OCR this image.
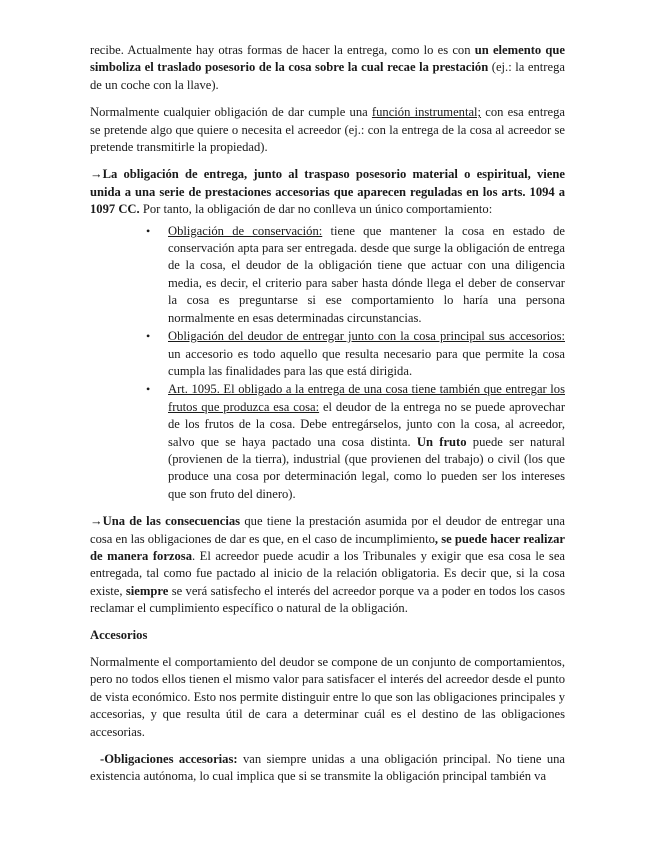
recibe. Actualmente hay otras formas de hacer la entrega, como lo es con un elemento que simboliza el traslado posesorio de la cosa sobre la cual recae la prestación (ej.: la entrega de un coche con la llave).

Normalmente cualquier obligación de dar cumple una función instrumental; con esa entrega se pretende algo que quiere o necesita el acreedor (ej.: con la entrega de la cosa al acreedor se pretende transmitirle la propiedad).

→La obligación de entrega, junto al traspaso posesorio material o espiritual, viene unida a una serie de prestaciones accesorias que aparecen reguladas en los arts. 1094 a 1097 CC. Por tanto, la obligación de dar no conlleva un único comportamiento:

• Obligación de conservación: tiene que mantener la cosa en estado de conservación apta para ser entregada. desde que surge la obligación de entrega de la cosa, el deudor de la obligación tiene que actuar con una diligencia media, es decir, el criterio para saber hasta dónde llega el deber de conservar la cosa es preguntarse si ese comportamiento lo haría una persona normalmente en esas determinadas circunstancias.
• Obligación del deudor de entregar junto con la cosa principal sus accesorios: un accesorio es todo aquello que resulta necesario para que permite la cosa cumpla las finalidades para las que está dirigida.
• Art. 1095. El obligado a la entrega de una cosa tiene también que entregar los frutos que produzca esa cosa: el deudor de la entrega no se puede aprovechar de los frutos de la cosa. Debe entregárselos, junto con la cosa, al acreedor, salvo que se haya pactado una cosa distinta. Un fruto puede ser natural (provienen de la tierra), industrial (que provienen del trabajo) o civil (los que produce una cosa por determinación legal, como lo pueden ser los intereses que son fruto del dinero).

→Una de las consecuencias que tiene la prestación asumida por el deudor de entregar una cosa en las obligaciones de dar es que, en el caso de incumplimiento, se puede hacer realizar de manera forzosa. El acreedor puede acudir a los Tribunales y exigir que esa cosa le sea entregada, tal como fue pactado al inicio de la relación obligatoria. Es decir que, si la cosa existe, siempre se verá satisfecho el interés del acreedor porque va a poder en todos los casos reclamar el cumplimiento específico o natural de la obligación.

Accesorios

Normalmente el comportamiento del deudor se compone de un conjunto de comportamientos, pero no todos ellos tienen el mismo valor para satisfacer el interés del acreedor desde el punto de vista económico. Esto nos permite distinguir entre lo que son las obligaciones principales y accesorias, y que resulta útil de cara a determinar cuál es el destino de las obligaciones accesorias.

-Obligaciones accesorias: van siempre unidas a una obligación principal. No tiene una existencia autónoma, lo cual implica que si se transmite la obligación principal también va
